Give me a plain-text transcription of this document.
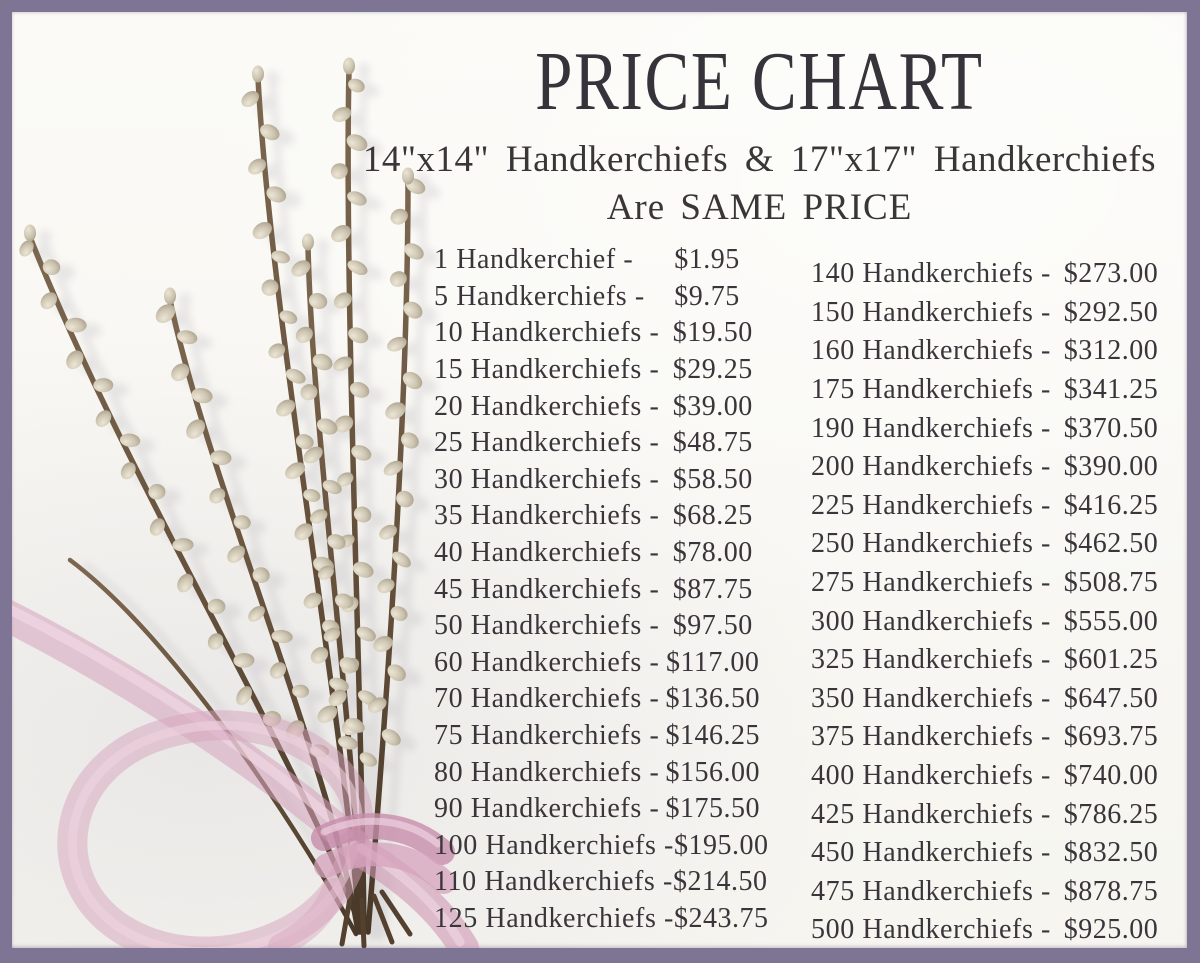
PRICE CHART
14"x14" Handkerchiefs & 17"x17" Handkerchiefs
Are SAME PRICE
1 Handkerchief -	$1.95
5 Handkerchiefs -	$9.75
10 Handkerchiefs - $19.50
15 Handkerchiefs - $29.25
20 Handkerchiefs - $39.00
25 Handkerchiefs - $48.75
30 Handkerchiefs - $58.50
35 Handkerchiefs - $68.25
40 Handkerchiefs - $78.00
45 Handkerchiefs - $87.75
50 Handkerchiefs - $97.50
60 Handkerchiefs - $117.00
70 Handkerchiefs - $136.50
75 Handkerchiefs - $146.25
80 Handkerchiefs - $156.00
90 Handkerchiefs - $175.50
100 Handkerchiefs - $195.00
110 Handkerchiefs - $214.50
125 Handkerchiefs - $243.75
140 Handkerchiefs - $273.00
150 Handkerchiefs - $292.50
160 Handkerchiefs - $312.00
175 Handkerchiefs - $341.25
190 Handkerchiefs - $370.50
200 Handkerchiefs - $390.00
225 Handkerchiefs - $416.25
250 Handkerchiefs - $462.50
275 Handkerchiefs - $508.75
300 Handkerchiefs - $555.00
325 Handkerchiefs - $601.25
350 Handkerchiefs - $647.50
375 Handkerchiefs - $693.75
400 Handkerchiefs - $740.00
425 Handkerchiefs - $786.25
450 Handkerchiefs - $832.50
475 Handkerchiefs - $878.75
500 Handkerchiefs - $925.00
